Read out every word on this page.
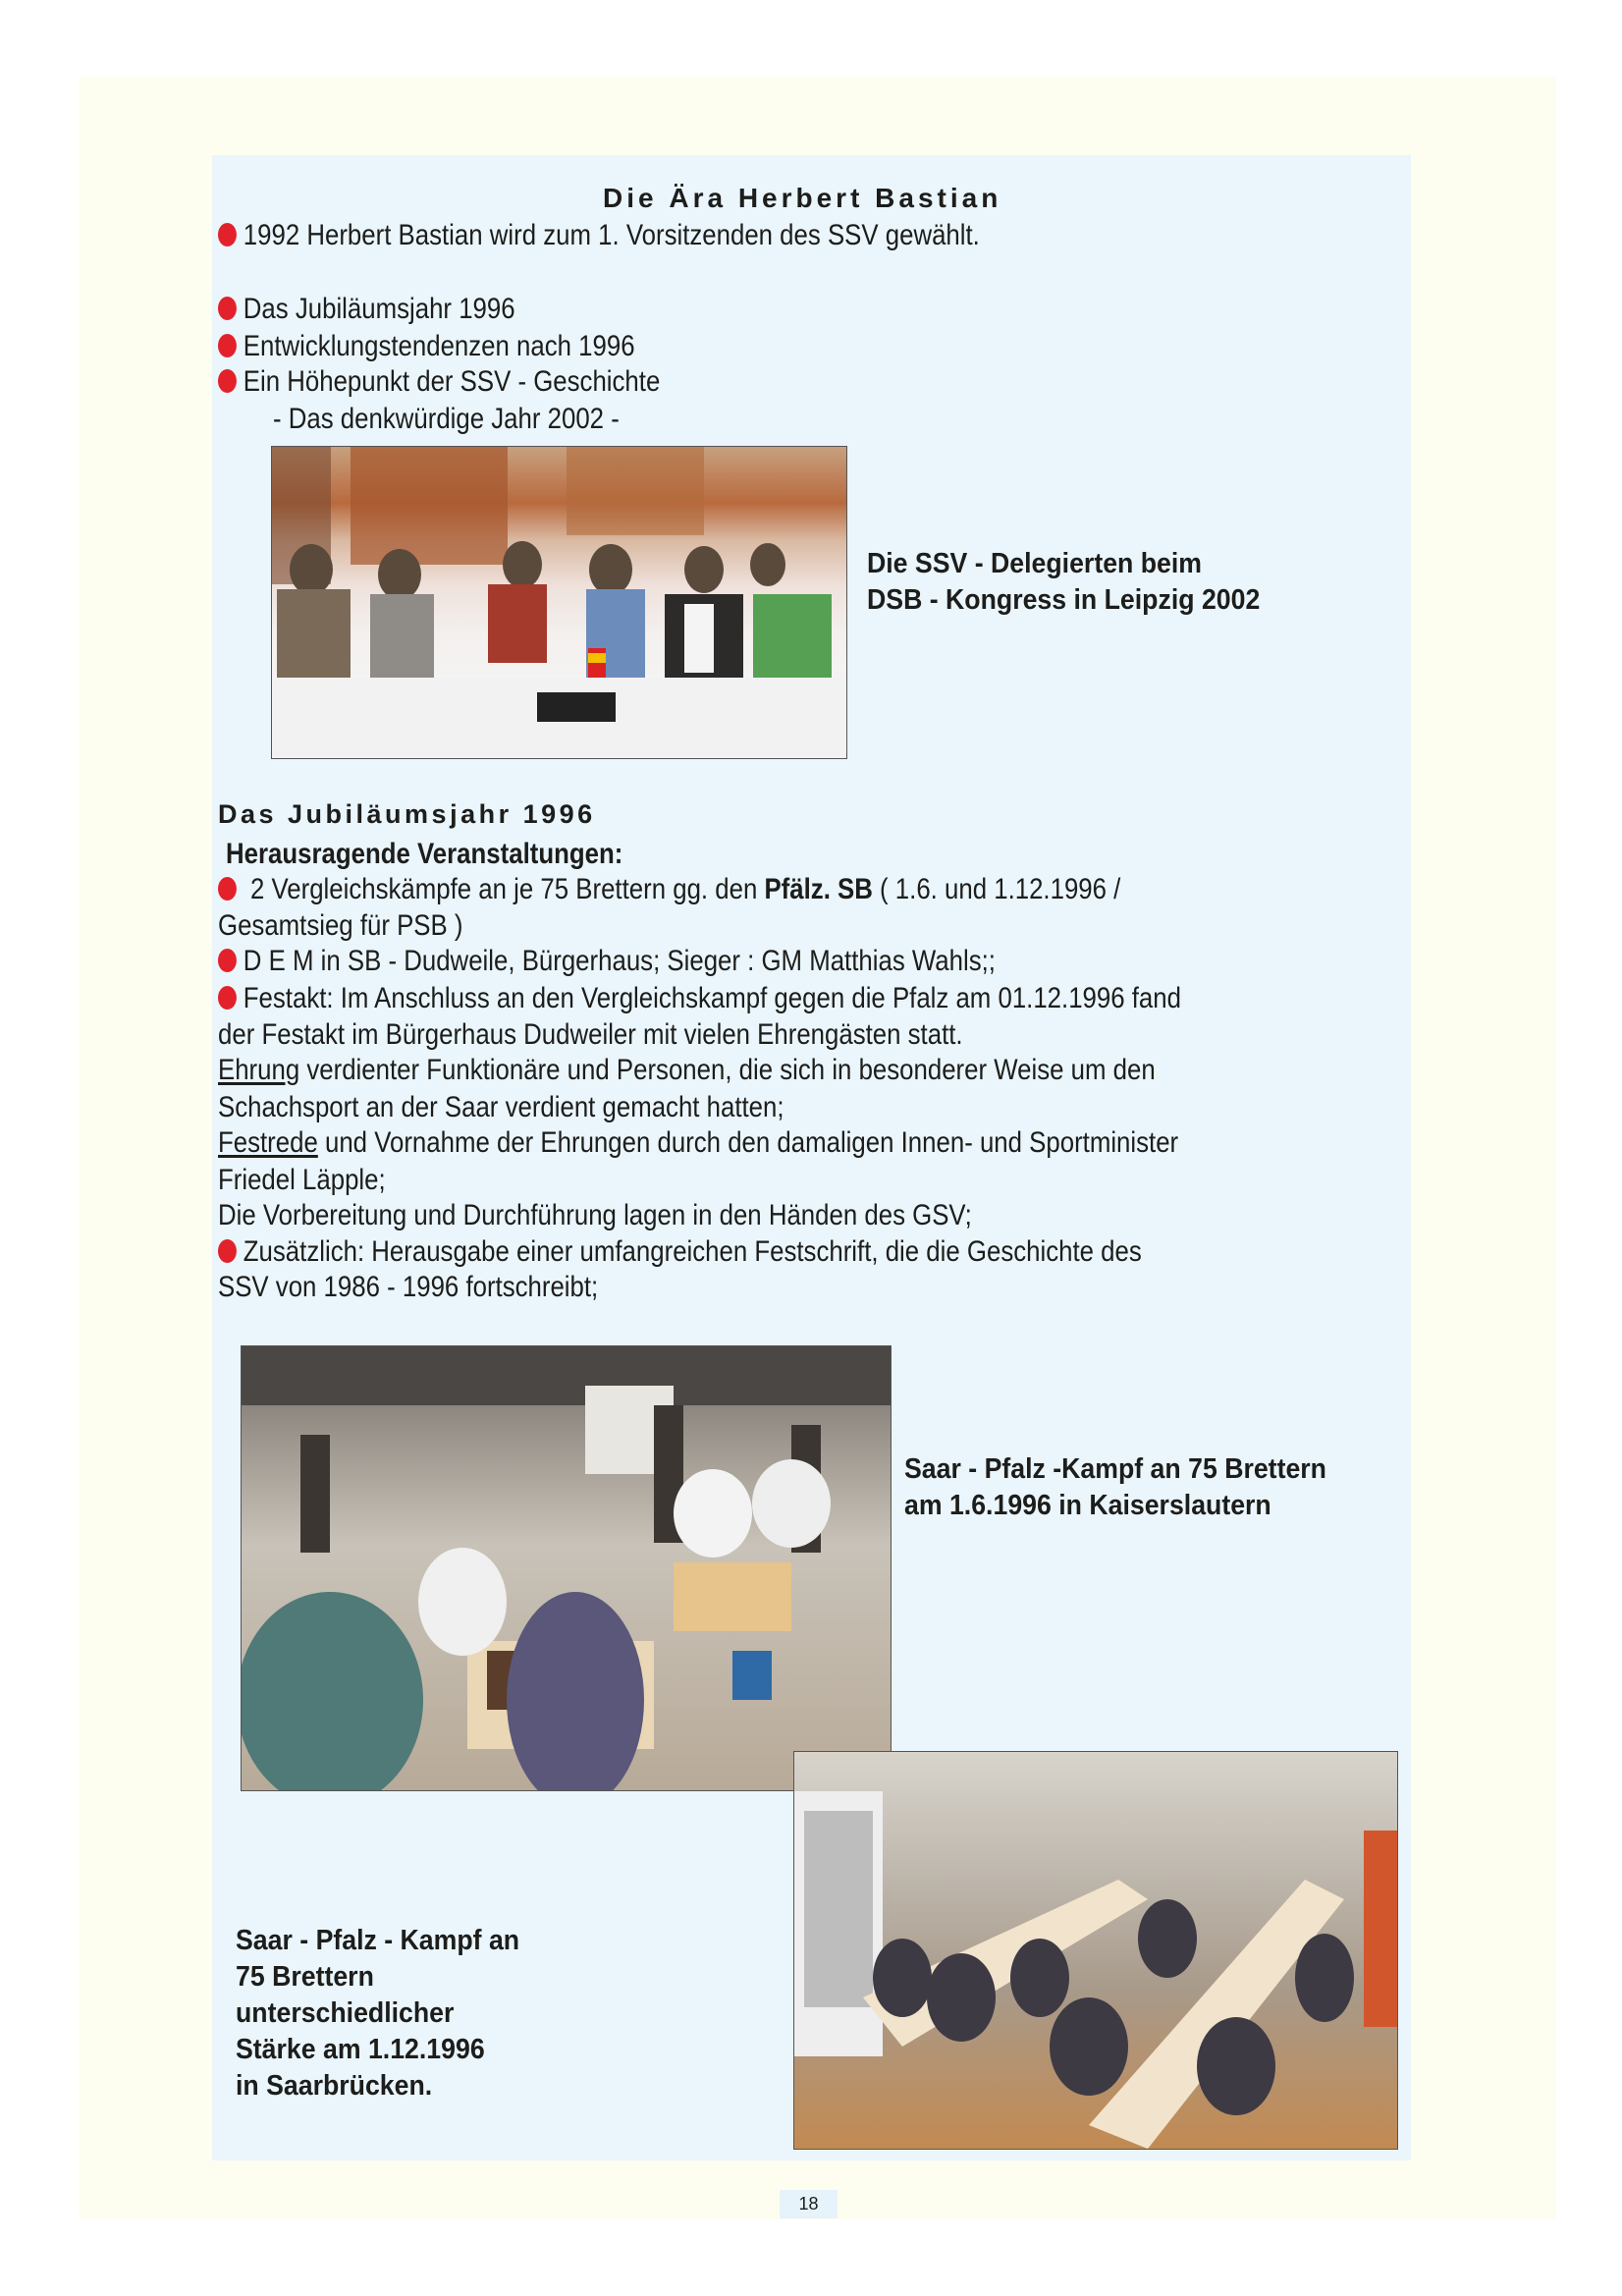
Die Ära Herbert Bastian
1992 Herbert Bastian wird zum 1. Vorsitzenden des SSV gewählt.
Das Jubiläumsjahr 1996
Entwicklungstendenzen nach 1996
Ein Höhepunkt der SSV - Geschichte
- Das denkwürdige Jahr 2002 -
Die SSV - Delegierten beim
DSB - Kongress in Leipzig 2002
Das Jubiläumsjahr 1996
Herausragende Veranstaltungen:
2 Vergleichskämpfe an je 75 Brettern gg. den Pfälz. SB ( 1.6. und 1.12.1996 /
Gesamtsieg für PSB )
D E M in SB - Dudweile, Bürgerhaus; Sieger : GM Matthias Wahls;;
Festakt: Im Anschluss an den Vergleichskampf gegen die Pfalz am 01.12.1996 fand
der Festakt im Bürgerhaus Dudweiler mit vielen Ehrengästen statt.
Ehrung verdienter Funktionäre und Personen, die sich in besonderer Weise um den
Schachsport an der Saar verdient gemacht hatten;
Festrede und Vornahme der Ehrungen durch den damaligen Innen- und Sportminister
Friedel Läpple;
Die Vorbereitung und Durchführung lagen in den Händen des GSV;
Zusätzlich: Herausgabe einer umfangreichen Festschrift, die die Geschichte des
SSV von 1986 - 1996 fortschreibt;
Saar - Pfalz -Kampf an 75 Brettern
am 1.6.1996 in Kaiserslautern
Saar - Pfalz - Kampf an
75 Brettern
unterschiedlicher
Stärke am 1.12.1996
in Saarbrücken.
18
